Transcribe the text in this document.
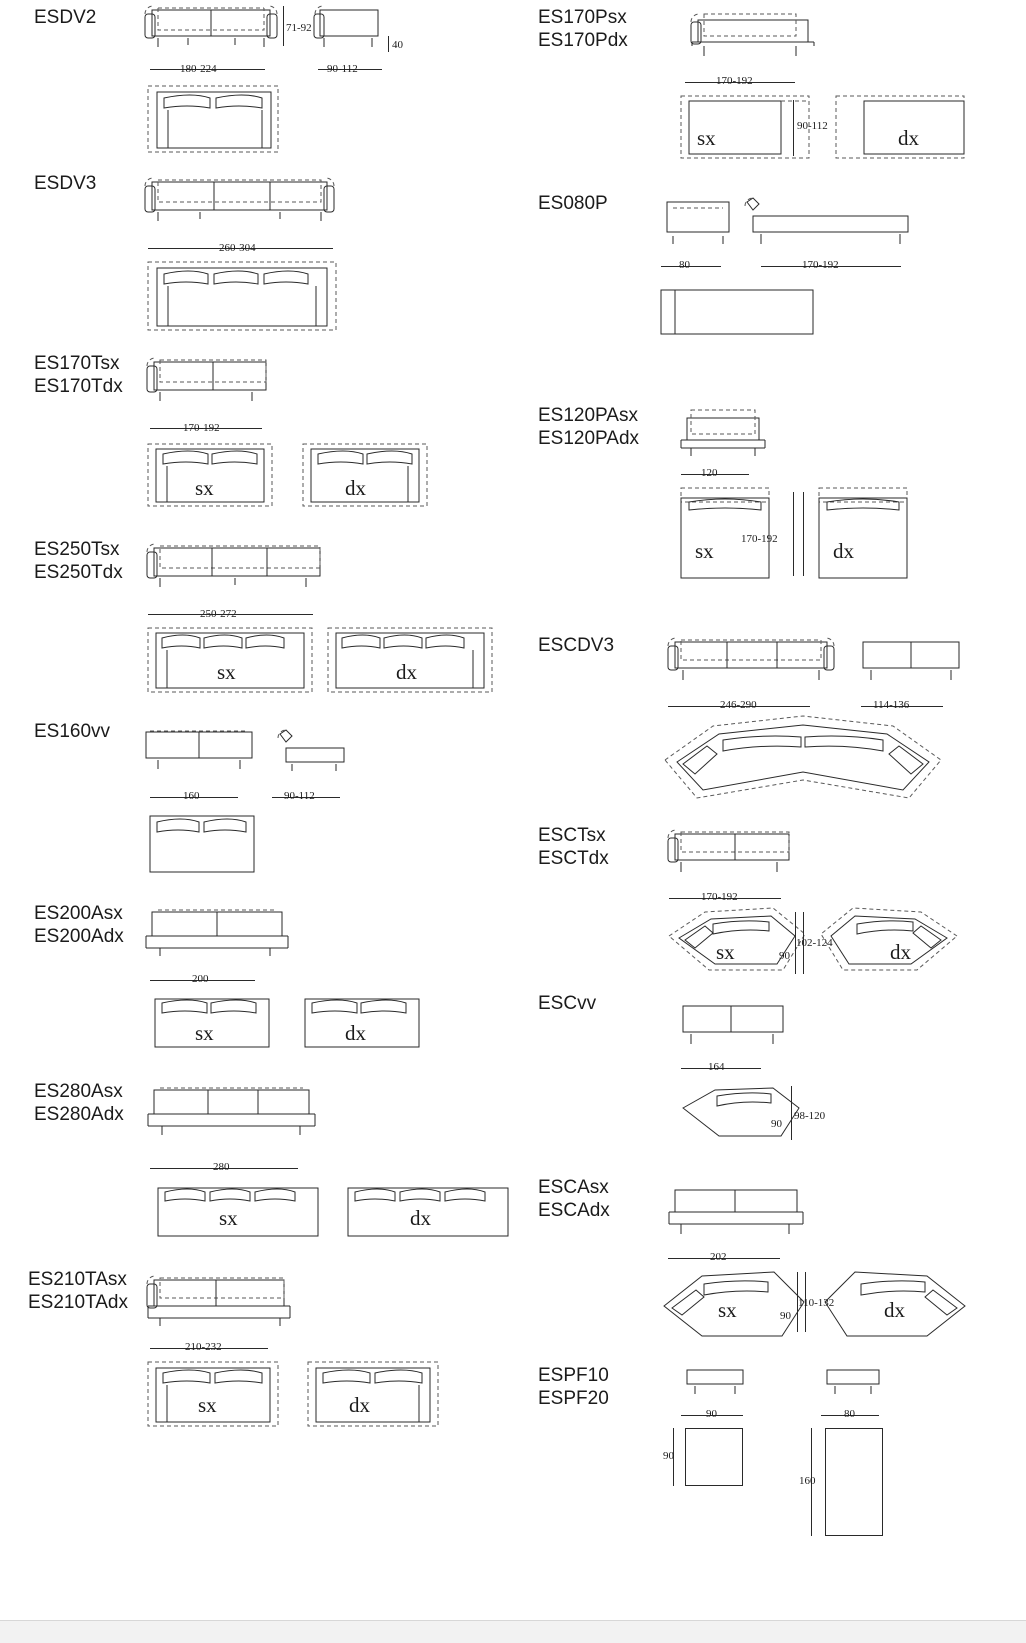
ESDV2
180-224	90-112
71-92
40
ESDV3
260-304
ES170Tsx
ES170Tdx
170-192
sx	dx
ES250Tsx
ES250Tdx
250-272
sx	dx
ES160vv
160	90-112
ES200Asx
ES200Adx
200
sx	dx
ES280Asx
ES280Adx
280
sx	dx
ES210TAsx
ES210TAdx
210-232
sx	dx
ES170Psx
ES170Pdx
170-192
sx	90-112	dx
ES080P
80	170-192
ES120PAsx
ES120PAdx
120
sx 170-192	dx
ESCDV3
246-290	114-136
ESCTsx
ESCTdx
170-192
sx	90
102-124	dx
ESCvv
164
90
98-120
ESCAsx
ESCAdx
202
sx	90
110-132 dx
ESPF10
ESPF20
90	80
90
160
